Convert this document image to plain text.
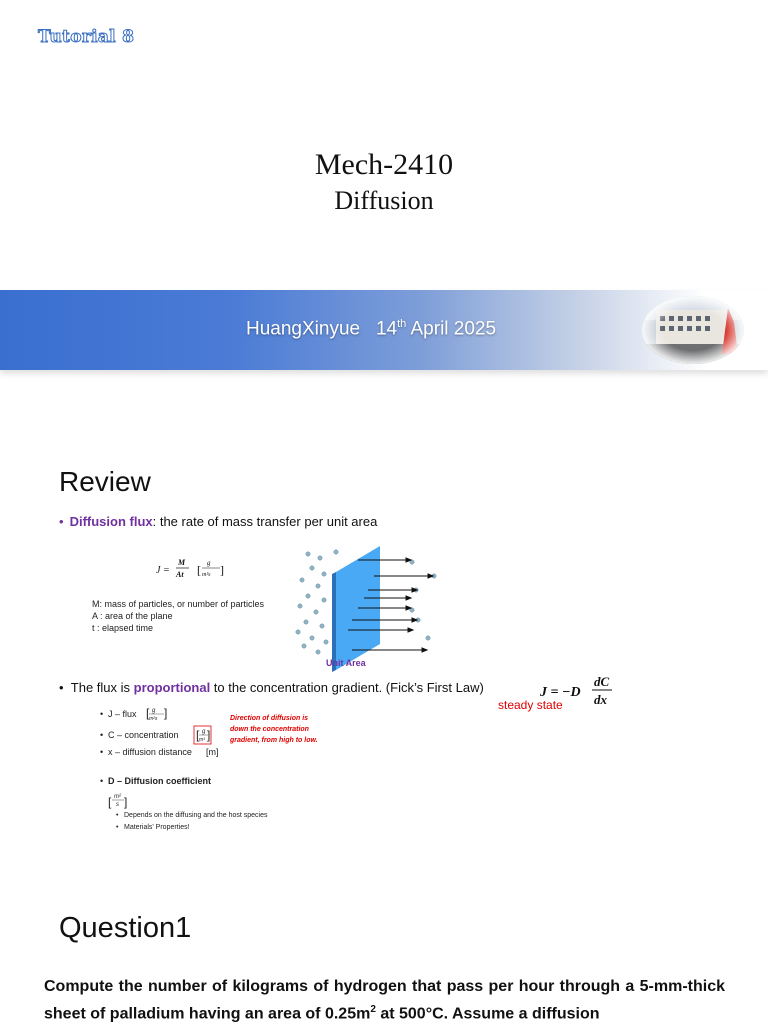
Tutorial 8
Mech-2410
Diffusion
HuangXinyue 14th April 2025
Review
• Diffusion flux: the rate of mass transfer per unit area
J =
M
At [ g
m²s ]
M: mass of particles, or number of particles
A : area of the plane
t : elapsed time
Unit Area
•  The flux is proportional to the concentration gradient. (Fick’s First Law)	J = −D
dC
dx
steady state
• J – flux [ g
m²s ]
• C – concentration [ g
m³ ]
• x – diffusion distance [m]
Direction of diffusion is
down the concentration
gradient, from high to low.
• D – Diffusion coefficient
[ m²
s ]
• Depends on the diffusing and the host species
• Materials' Properties!
Question1
Compute the number of kilograms of hydrogen that pass per hour through a 5-mm-thick sheet of palladium having an area of $0.25m^2$ at 500°C. Assume a diffusion
